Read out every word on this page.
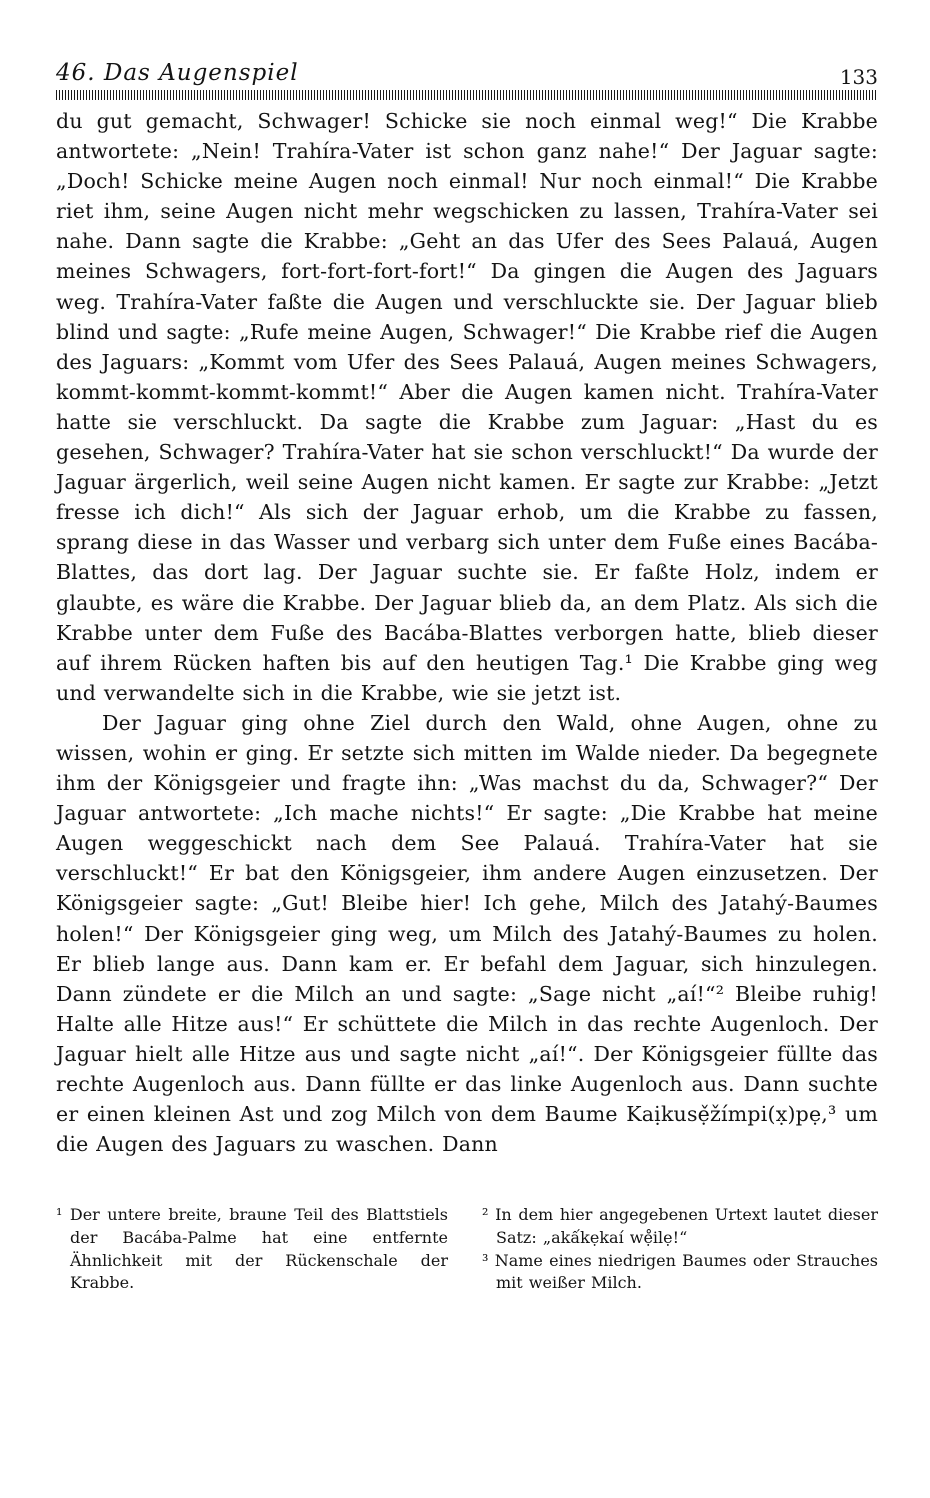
46. Das Augenspiel	133

du gut gemacht, Schwager! Schicke sie noch einmal weg!“ Die Krabbe antwortete: „Nein! Trahíra-Vater ist schon ganz nahe!“ Der Jaguar sagte: „Doch! Schicke meine Augen noch einmal! Nur noch einmal!“ Die Krabbe riet ihm, seine Augen nicht mehr wegschicken zu lassen, Trahíra-Vater sei nahe. Dann sagte die Krabbe: „Geht an das Ufer des Sees Palauá, Augen meines Schwagers, fort-fort-fort-fort!“ Da gingen die Augen des Jaguars weg. Trahíra-Vater faßte die Augen und verschluckte sie. Der Jaguar blieb blind und sagte: „Rufe meine Augen, Schwager!“ Die Krabbe rief die Augen des Jaguars: „Kommt vom Ufer des Sees Palauá, Augen meines Schwagers, kommt-kommt-kommt-kommt!“ Aber die Augen kamen nicht. Trahíra-Vater hatte sie verschluckt. Da sagte die Krabbe zum Jaguar: „Hast du es gesehen, Schwager? Trahíra-Vater hat sie schon verschluckt!“ Da wurde der Jaguar ärgerlich, weil seine Augen nicht kamen. Er sagte zur Krabbe: „Jetzt fresse ich dich!“ Als sich der Jaguar erhob, um die Krabbe zu fassen, sprang diese in das Wasser und verbarg sich unter dem Fuße eines Bacába-Blattes, das dort lag. Der Jaguar suchte sie. Er faßte Holz, indem er glaubte, es wäre die Krabbe. Der Jaguar blieb da, an dem Platz. Als sich die Krabbe unter dem Fuße des Bacába-Blattes verborgen hatte, blieb dieser auf ihrem Rücken haften bis auf den heutigen Tag.¹ Die Krabbe ging weg und verwandelte sich in die Krabbe, wie sie jetzt ist.

Der Jaguar ging ohne Ziel durch den Wald, ohne Augen, ohne zu wissen, wohin er ging. Er setzte sich mitten im Walde nieder. Da begegnete ihm der Königsgeier und fragte ihn: „Was machst du da, Schwager?“ Der Jaguar antwortete: „Ich mache nichts!“ Er sagte: „Die Krabbe hat meine Augen weggeschickt nach dem See Palauá. Trahíra-Vater hat sie verschluckt!“ Er bat den Königsgeier, ihm andere Augen einzusetzen. Der Königsgeier sagte: „Gut! Bleibe hier! Ich gehe, Milch des Jatahý-Baumes holen!“ Der Königsgeier ging weg, um Milch des Jatahý-Baumes zu holen. Er blieb lange aus. Dann kam er. Er befahl dem Jaguar, sich hinzulegen. Dann zündete er die Milch an und sagte: „Sage nicht „aí!“² Bleibe ruhig! Halte alle Hitze aus!“ Er schüttete die Milch in das rechte Augenloch. Der Jaguar hielt alle Hitze aus und sagte nicht „aí!“. Der Königsgeier füllte das rechte Augenloch aus. Dann füllte er das linke Augenloch aus. Dann suchte er einen kleinen Ast und zog Milch von dem Baume Kaịkusẹ̌žímpi(x̣)pẹ,³ um die Augen des Jaguars zu waschen. Dann

¹ Der untere breite, braune Teil des Blattstiels der Bacába-Palme hat eine entfernte Ähnlichkeit mit der Rückenschale der Krabbe.

² In dem hier angegebenen Urtext lautet dieser Satz: „akấkẹkaí wẹ̊ilẹ!“

³ Name eines niedrigen Baumes oder Strauches mit weißer Milch.
